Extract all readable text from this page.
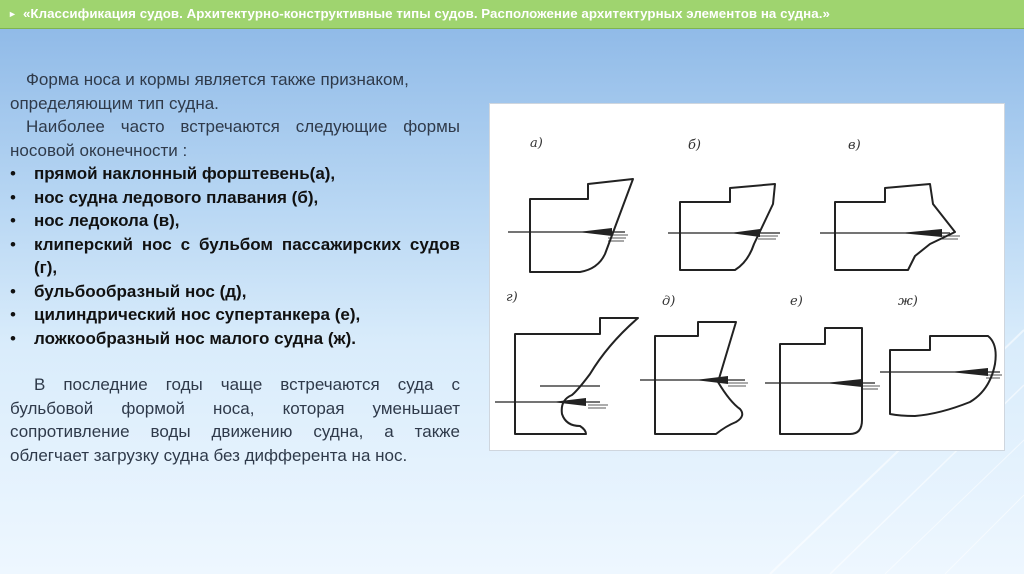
► «Классификация судов. Архитектурно-конструктивные типы судов. Расположение архитектурных элементов на судна.»

Форма носа и кормы является также признаком, определяющим тип судна.

Наиболее часто встречаются следующие формы носовой оконечности :

• прямой наклонный форштевень(а),
• нос судна ледового плавания (б),
• нос ледокола (в),
• клиперский нос с бульбом пассажирских судов (г),
• бульбообразный нос (д),
• цилиндрический нос супертанкера (е),
• ложкообразный нос малого судна (ж).

В последние годы чаще встречаются суда с бульбовой формой носа, которая уменьшает сопротивление воды движению судна, а также облегчает загрузку судна без дифферента на нос.

а)	б)	в)
г)	д)	е)	ж)
